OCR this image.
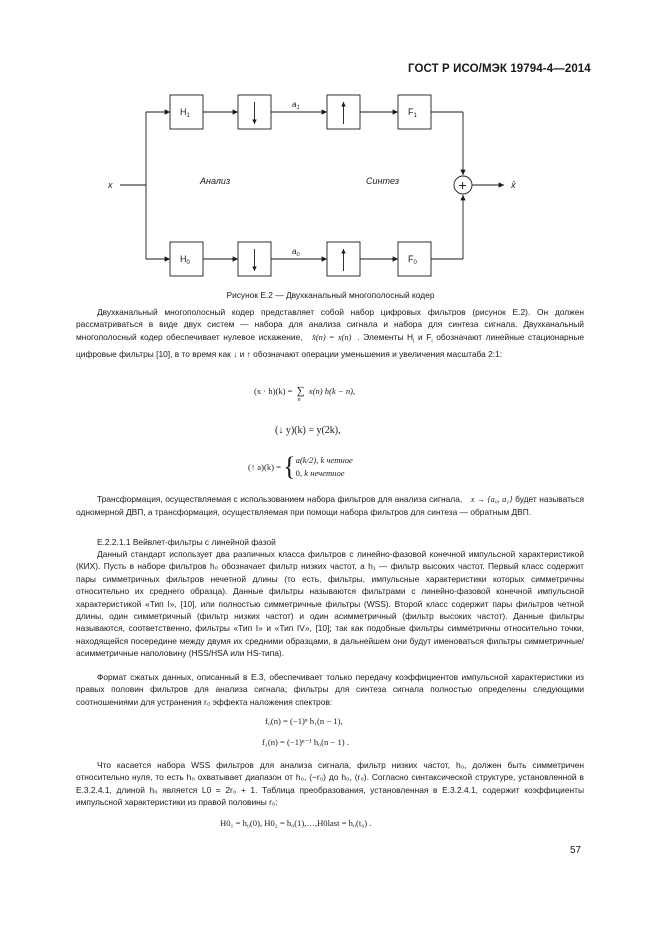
ГОСТ Р ИСО/МЭК 19794-4—2014
x	x̂
Анализ	Синтез	+
$H_1$
$H_0$
$F_1$
$F_0$
$a_1$
$a_0$
Рисунок E.2 — Двухканальный многополосный кодер
Двухканальный многополосный кодер представляет собой набор цифровых фильтров (рисунок E.2). Он должен рассматриваться в виде двух систем — набора для анализа сигнала и набора для синтеза сигнала. Двухканальный многополосный кодер обеспечивает нулевое искажение, x̂(n) = x(n) . Элементы $H_i$ и $F_i$ обозначают линейные стационарные цифровые фильтры [10], в то время как ↓ и ↑ обозначают операции уменьшения и увеличения масштаба 2:1:
(x · h)(k) = ∑
n
x(n) h(k − n),
(↓ y)(k) = y(2k),
(↑ a)(k) = {a(k/2), k четное
0, k нечетное
Трансформация, осуществляемая с использованием набора фильтров для анализа сигнала, x → {a₀, a₁} будет называться одномерной ДВП, а трансформация, осуществляемая при помощи набора фильтров для синтеза — обратным ДВП.
E.2.2.1.1 Вейвлет-фильтры с линейной фазой
Данный стандарт использует два различных класса фильтров с линейно-фазовой конечной импульсной характеристикой (КИХ). Пусть в наборе фильтров h₀ обозначает фильтр низких частот, а h₁ — фильтр высоких частот. Первый класс содержит пары симметричных фильтров нечетной длины (то есть, фильтры, импульсные характеристики которых симметричны относительно их среднего образца). Данные фильтры называются фильтрами с линейно-фазовой конечной импульсной характеристикой «Тип I», [10], или полностью симметричные фильтры (WSS). Второй класс содержит пары фильтров четной длины, один симметричный (фильтр низких частот) и один асимметричный (фильтр высоких частот). Данные фильтры называются, соответственно, фильтры «Тип I» и «Тип IV», [10]; так как подобные фильтры симметричны относительно точки, находящейся посередине между двумя их средними образцами, в дальнейшем они будут именоваться фильтры симметричные/асимметричные наполовину (HSS/HSA или HS-типа).
Формат сжатых данных, описанный в E.3, обеспечивает только передачу коэффициентов импульсной характеристики из правых половин фильтров для анализа сигнала; фильтры для синтеза сигнала полностью определены следующими соотношениями для устранения r₀ эффекта наложения спектров:
f₀(n) = (−1)ⁿ h₁(n − 1),
f₁(n) = (−1)ⁿ⁻¹ h₀(n − 1) .
Что касается набора WSS фильтров для анализа сигнала, фильтр низких частот, h₀, должен быть симметричен относительно нуля, то есть h₀ охватывает диапазон от h₀, (−r₀) до h₀, (r₀). Согласно синтаксической структуре, установленной в E.3.2.4.1, длиной h₀ является L0 = 2r₀ + 1. Таблица преобразования, установленная в E.3.2.4.1, содержит коэффициенты импульсной характеристики из правой половины r₀:
H0₁ = h₀(0), H0₂ = h₀(1),…,H0last = h₀(t₀) .
57
